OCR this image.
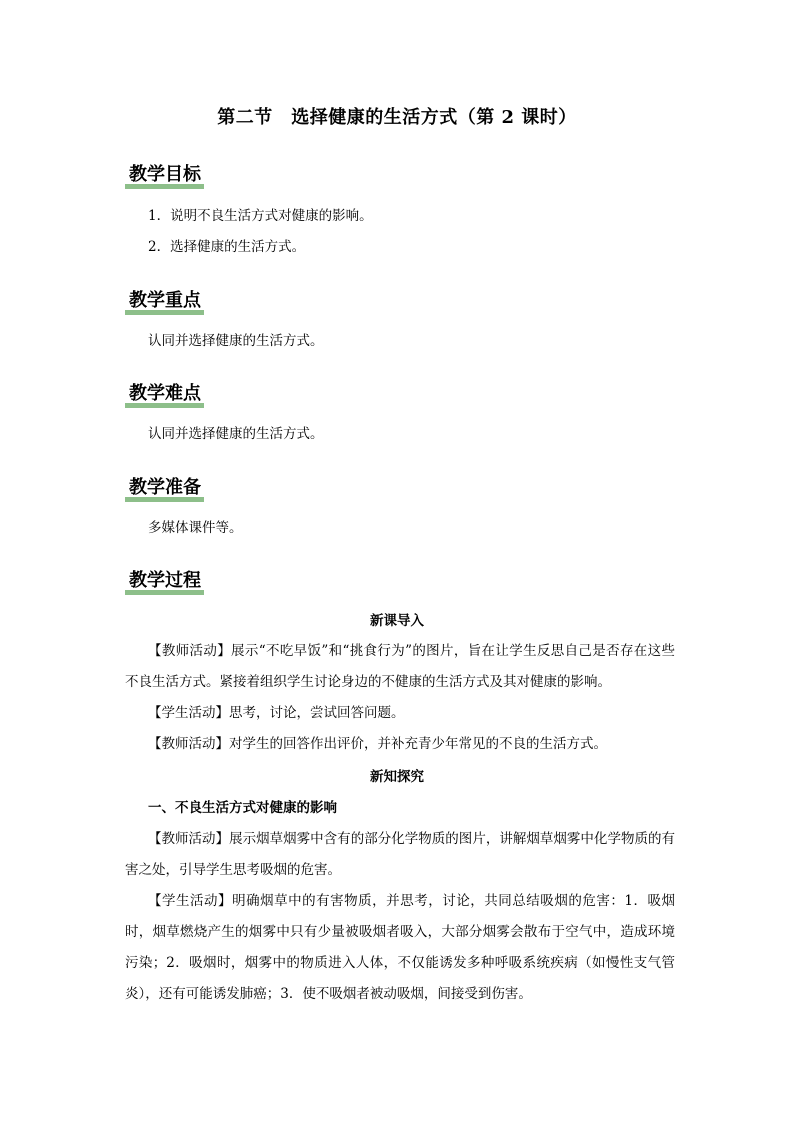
第二节　选择健康的生活方式（第 2 课时）
教学目标
1．说明不良生活方式对健康的影响。
2．选择健康的生活方式。
教学重点
认同并选择健康的生活方式。
教学难点
认同并选择健康的生活方式。
教学准备
多媒体课件等。
教学过程
新课导入
【教师活动】展示“不吃早饭”和“挑食行为”的图片，旨在让学生反思自己是否存在这些不良生活方式。紧接着组织学生讨论身边的不健康的生活方式及其对健康的影响。
【学生活动】思考，讨论，尝试回答问题。
【教师活动】对学生的回答作出评价，并补充青少年常见的不良的生活方式。
新知探究
一、不良生活方式对健康的影响
【教师活动】展示烟草烟雾中含有的部分化学物质的图片，讲解烟草烟雾中化学物质的有害之处，引导学生思考吸烟的危害。
【学生活动】明确烟草中的有害物质，并思考，讨论，共同总结吸烟的危害：1．吸烟时，烟草燃烧产生的烟雾中只有少量被吸烟者吸入，大部分烟雾会散布于空气中，造成环境污染；2．吸烟时，烟雾中的物质进入人体，不仅能诱发多种呼吸系统疾病（如慢性支气管炎），还有可能诱发肺癌；3．使不吸烟者被动吸烟，间接受到伤害。
